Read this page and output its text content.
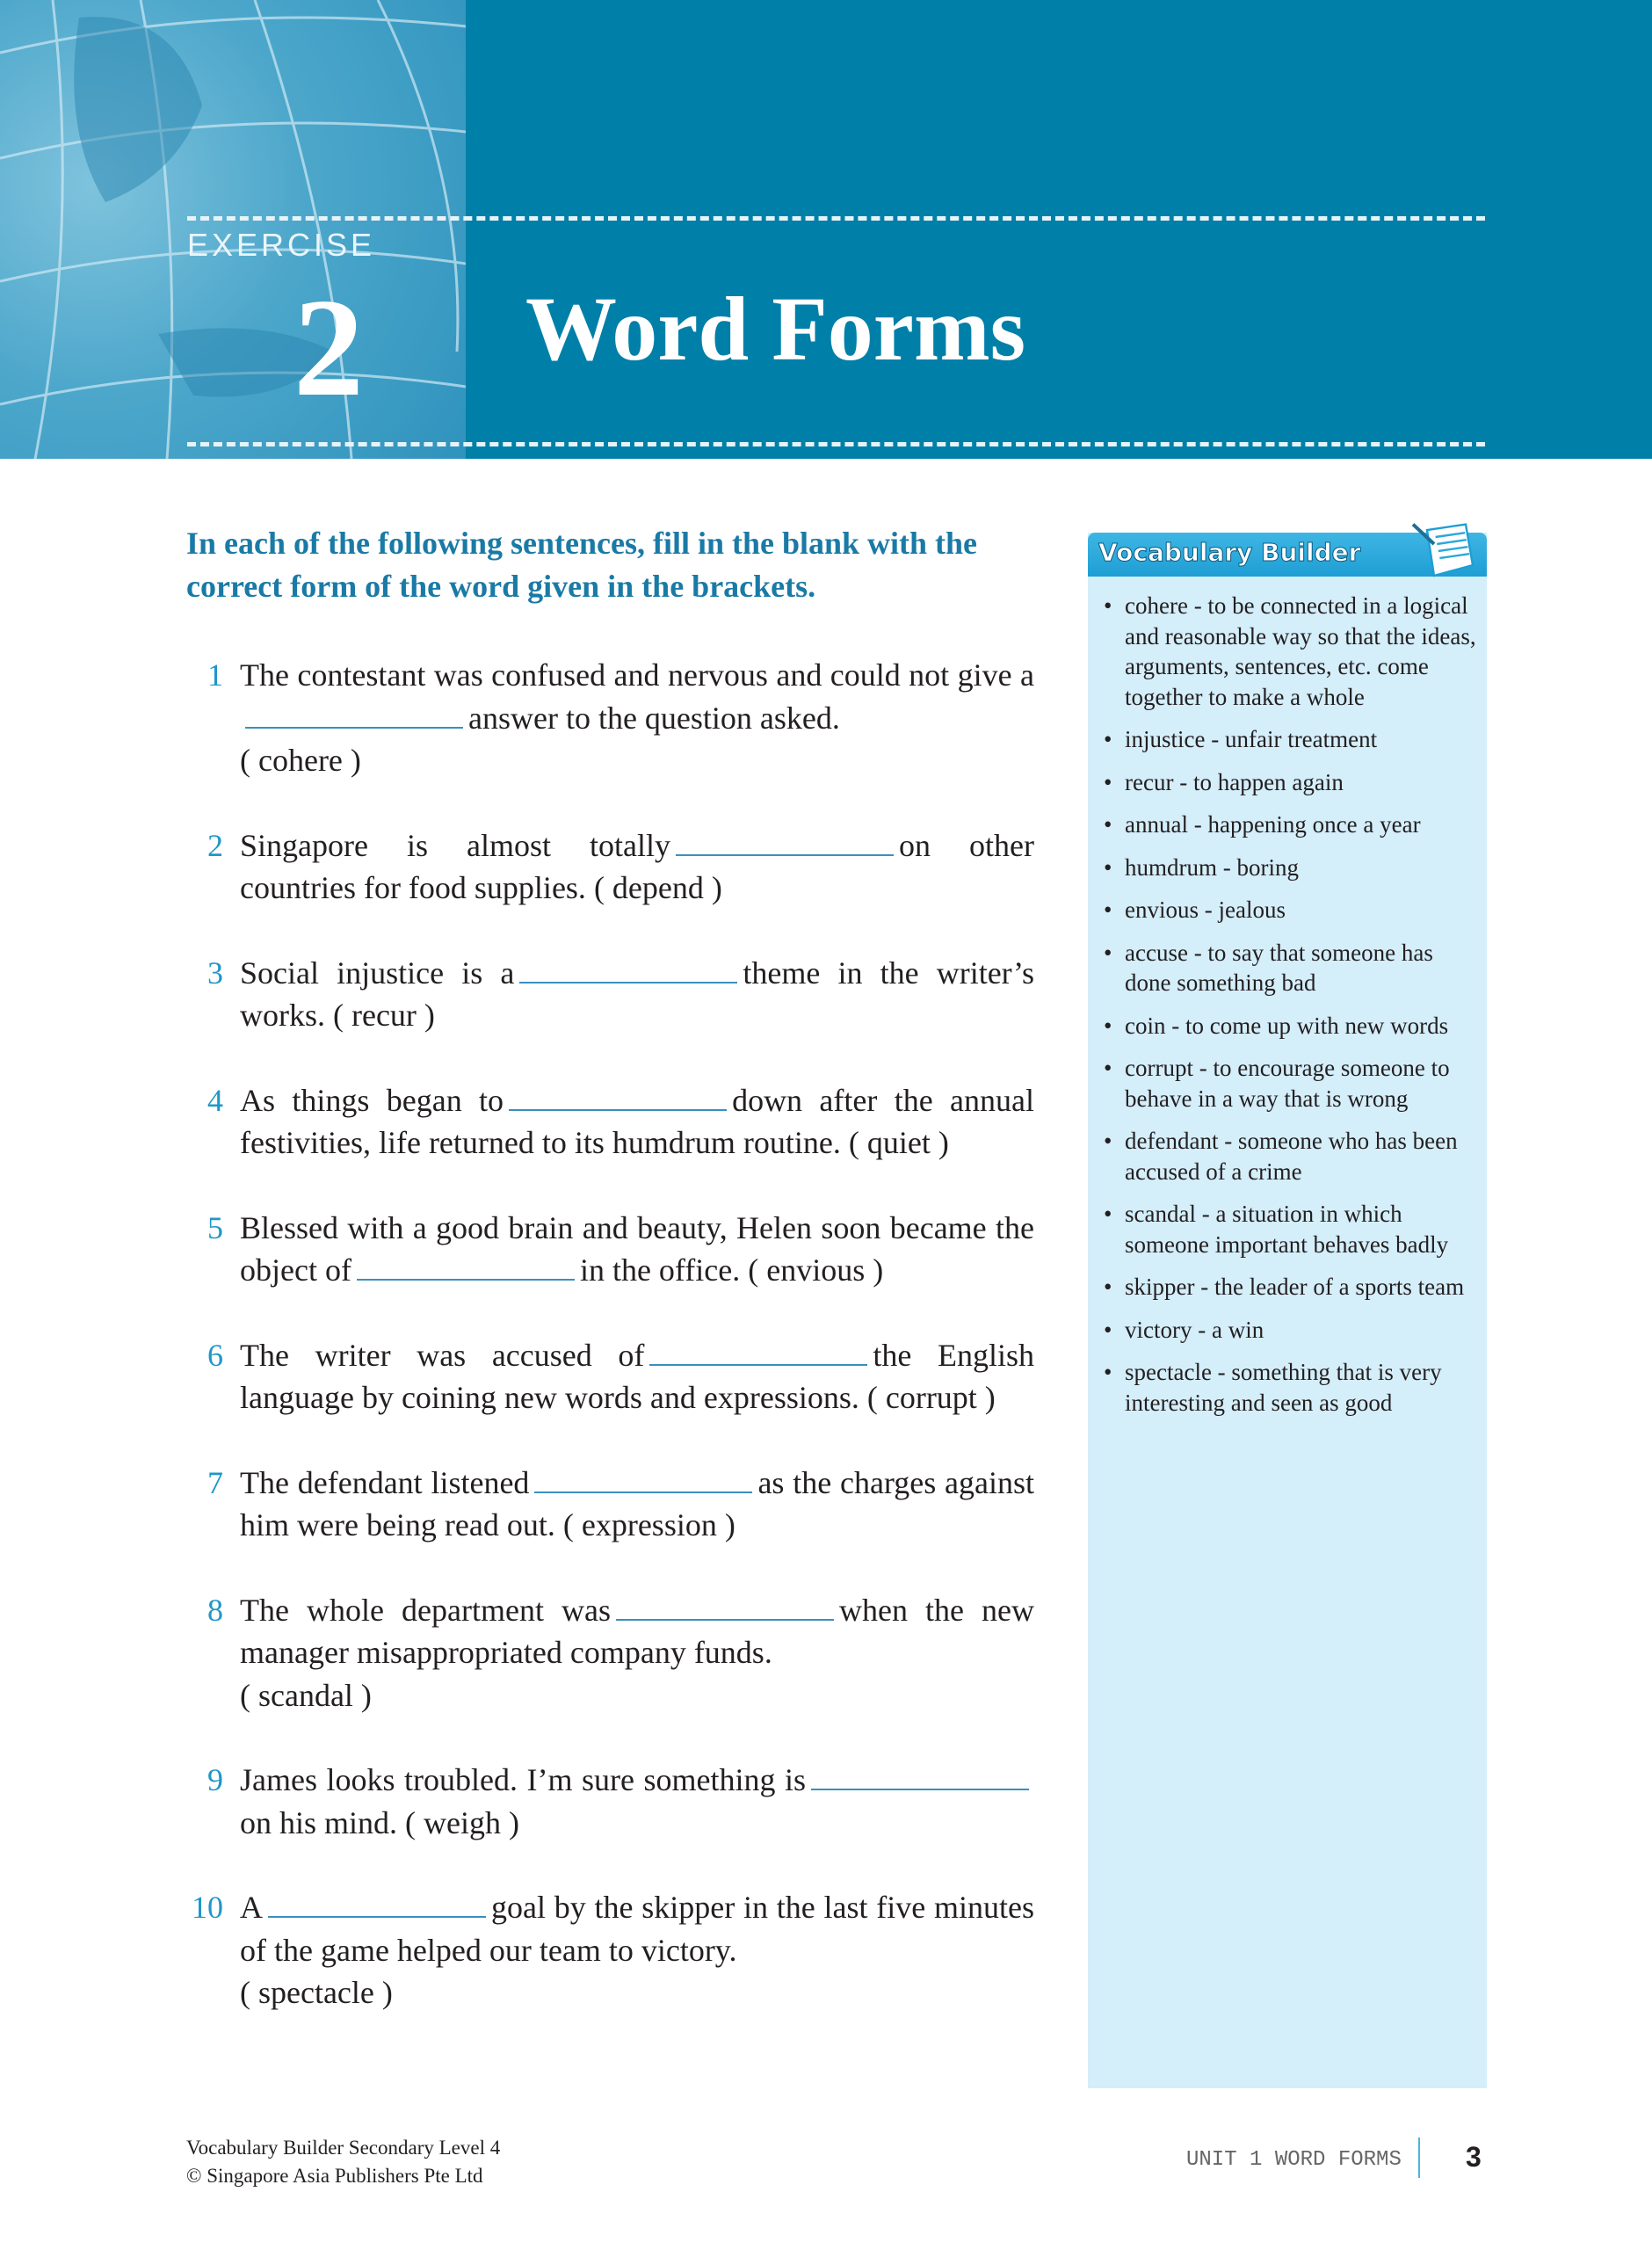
EXERCISE
2 Word Forms
In each of the following sentences, fill in the blank with the correct form of the word given in the brackets.
1 The contestant was confused and nervous and could not give aanswer to the question asked.
( cohere )
2 Singapore is almost totally	on other countries for food supplies. ( depend )
3 Social injustice is a	theme in the writer’s works. ( recur )
4 As things began to	down after the annual festivities, life returned to its humdrum routine. ( quiet )
5 Blessed with a good brain and beauty, Helen soon became the object of	in the office. ( envious )
6 The writer was accused of	the English language by coining new words and expressions. ( corrupt )
7 The defendant listened	as the charges against him were being read out. ( expression )
8 The whole department was	when the new manager misappropriated company funds.
( scandal )
9 James looks troubled. I’m sure something ison his mind. ( weigh )
10 A	goal by the skipper in the last five minutes of the game helped our team to victory.
( spectacle )
Vocabulary Builder
• cohere - to be connected in a logical and reasonable way so that the ideas, arguments, sentences, etc. come together to make a whole
• injustice - unfair treatment
• recur - to happen again
• annual - happening once a year
• humdrum - boring
• envious - jealous
• accuse - to say that someone has done something bad
• coin - to come up with new words
• corrupt - to encourage someone to behave in a way that is wrong
• defendant - someone who has been accused of a crime
• scandal - a situation in which someone important behaves badly
• skipper - the leader of a sports team
• victory - a win
• spectacle - something that is very interesting and seen as good
Vocabulary Builder Secondary Level 4
© Singapore Asia Publishers Pte Ltd
UNIT 1 WORD FORMS 3
